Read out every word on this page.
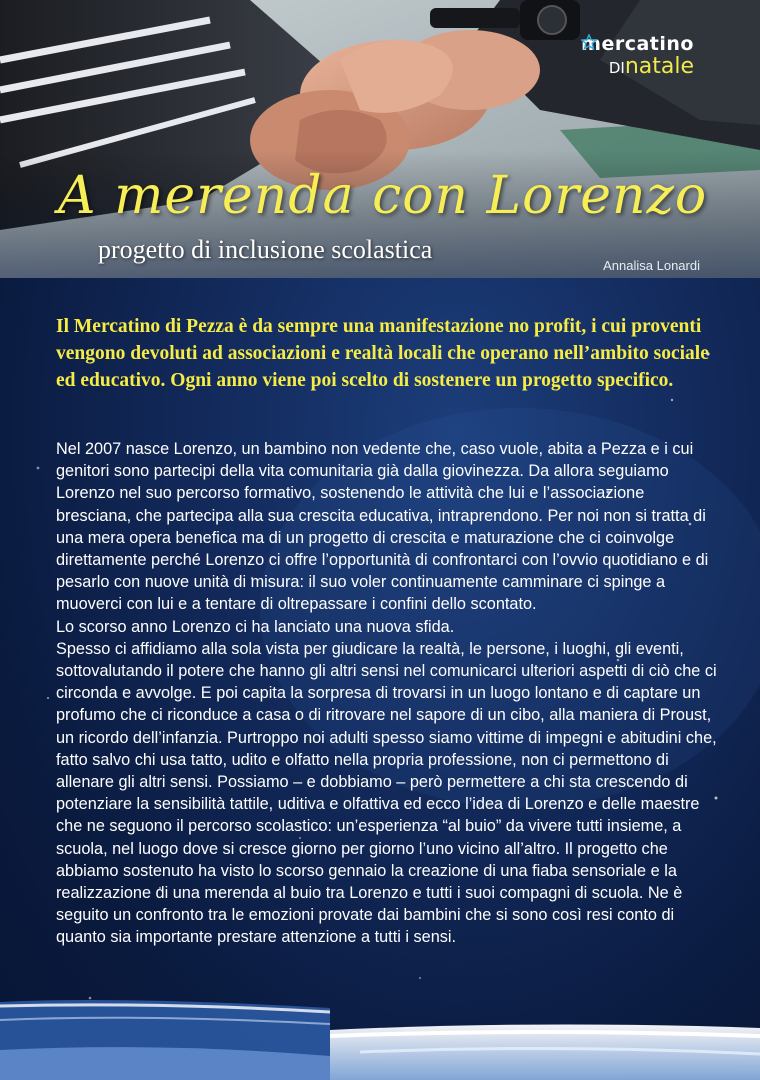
mercatino
DInatale
A merenda con Lorenzo
progetto di inclusione scolastica
Annalisa Lonardi

Il Mercatino di Pezza è da sempre una manifestazione no profit, i cui proventi vengono devoluti ad associazioni e realtà locali che operano nell’ambito sociale ed educativo. Ogni anno viene poi scelto di sostenere un progetto specifico.

Nel 2007 nasce Lorenzo, un bambino non vedente che, caso vuole, abita a Pezza e i cui genitori sono partecipi della vita comunitaria già dalla giovinezza. Da allora seguiamo Lorenzo nel suo percorso formativo, sostenendo le attività che lui e l’associazione bresciana, che partecipa alla sua crescita educativa, intraprendono. Per noi non si tratta di una mera opera benefica ma di un progetto di crescita e maturazione che ci coinvolge direttamente perché Lorenzo ci offre l’opportunità di confrontarci con l’ovvio quotidiano e di pesarlo con nuove unità di misura: il suo voler continuamente camminare ci spinge a muoverci con lui e a tentare di oltrepassare i confini dello scontato.

Lo scorso anno Lorenzo ci ha lanciato una nuova sfida.

Spesso ci affidiamo alla sola vista per giudicare la realtà, le persone, i luoghi, gli eventi, sottovalutando il potere che hanno gli altri sensi nel comunicarci ulteriori aspetti di ciò che ci circonda e avvolge. E poi capita la sorpresa di trovarsi in un luogo lontano e di captare un profumo che ci riconduce a casa o di ritrovare nel sapore di un cibo, alla maniera di Proust, un ricordo dell’infanzia. Purtroppo noi adulti spesso siamo vittime di impegni e abitudini che, fatto salvo chi usa tatto, udito e olfatto nella propria professione, non ci permettono di allenare gli altri sensi. Possiamo – e dobbiamo – però permettere a chi sta crescendo di potenziare la sensibilità tattile, uditiva e olfattiva ed ecco l’idea di Lorenzo e delle maestre che ne seguono il percorso scolastico: un’esperienza “al buio” da vivere tutti insieme, a scuola, nel luogo dove si cresce giorno per giorno l’uno vicino all’altro. Il progetto che abbiamo sostenuto ha visto lo scorso gennaio la creazione di una fiaba sensoriale e la realizzazione di una merenda al buio tra Lorenzo e tutti i suoi compagni di scuola. Ne è seguito un confronto tra le emozioni provate dai bambini che si sono così resi conto di quanto sia importante prestare attenzione a tutti i sensi.
